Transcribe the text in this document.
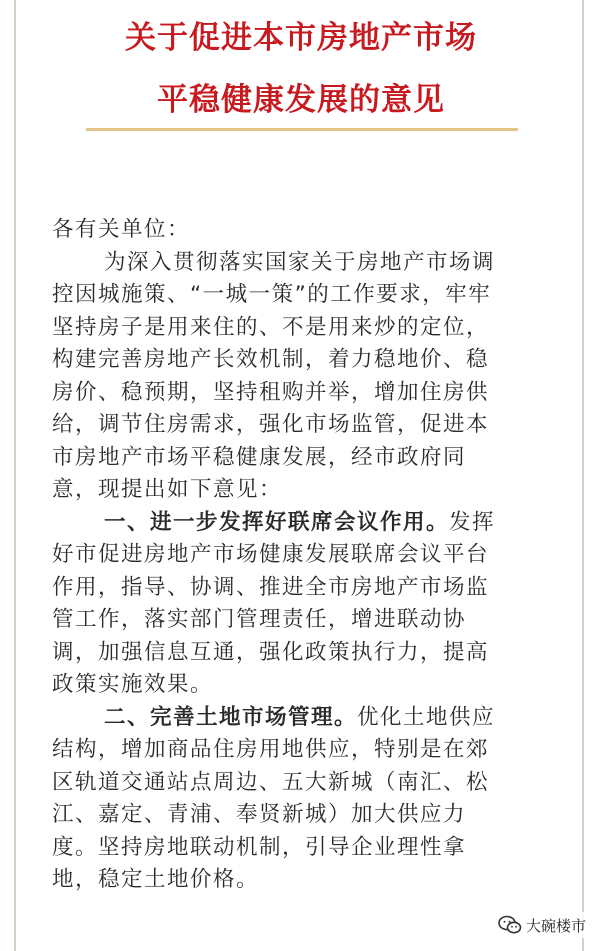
关于促进本市房地产市场
平稳健康发展的意见
各有关单位：
为深入贯彻落实国家关于房地产市场调
控因城施策、“一城一策”的工作要求，牢牢
坚持房子是用来住的、不是用来炒的定位，
构建完善房地产长效机制，着力稳地价、稳
房价、稳预期，坚持租购并举，增加住房供
给，调节住房需求，强化市场监管，促进本
市房地产市场平稳健康发展，经市政府同
意，现提出如下意见：
一、进一步发挥好联席会议作用。发挥
好市促进房地产市场健康发展联席会议平台
作用，指导、协调、推进全市房地产市场监
管工作，落实部门管理责任，增进联动协
调，加强信息互通，强化政策执行力，提高
政策实施效果。
二、完善土地市场管理。优化土地供应
结构，增加商品住房用地供应，特别是在郊
区轨道交通站点周边、五大新城（南汇、松
江、嘉定、青浦、奉贤新城）加大供应力
度。坚持房地联动机制，引导企业理性拿
地，稳定土地价格。
大碗楼市
